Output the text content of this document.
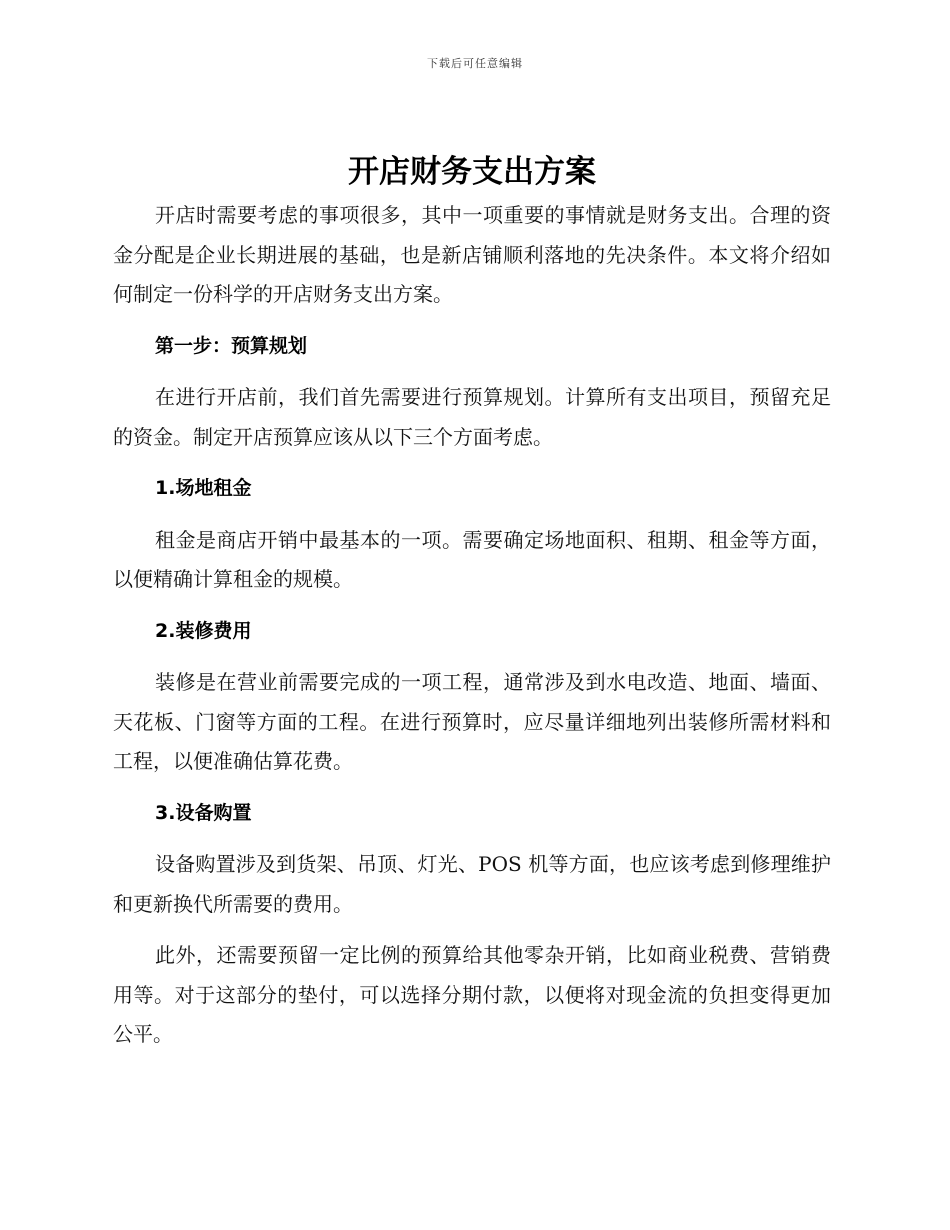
下载后可任意编辑
开店财务支出方案

开店时需要考虑的事项很多，其中一项重要的事情就是财务支出。合理的资金分配是企业长期进展的基础，也是新店铺顺利落地的先决条件。本文将介绍如何制定一份科学的开店财务支出方案。

第一步：预算规划

在进行开店前，我们首先需要进行预算规划。计算所有支出项目，预留充足的资金。制定开店预算应该从以下三个方面考虑。

1.场地租金

租金是商店开销中最基本的一项。需要确定场地面积、租期、租金等方面，以便精确计算租金的规模。

2.装修费用

装修是在营业前需要完成的一项工程，通常涉及到水电改造、地面、墙面、天花板、门窗等方面的工程。在进行预算时，应尽量详细地列出装修所需材料和工程，以便准确估算花费。

3.设备购置

设备购置涉及到货架、吊顶、灯光、POS 机等方面，也应该考虑到修理维护和更新换代所需要的费用。

此外，还需要预留一定比例的预算给其他零杂开销，比如商业税费、营销费用等。对于这部分的垫付，可以选择分期付款，以便将对现金流的负担变得更加公平。
